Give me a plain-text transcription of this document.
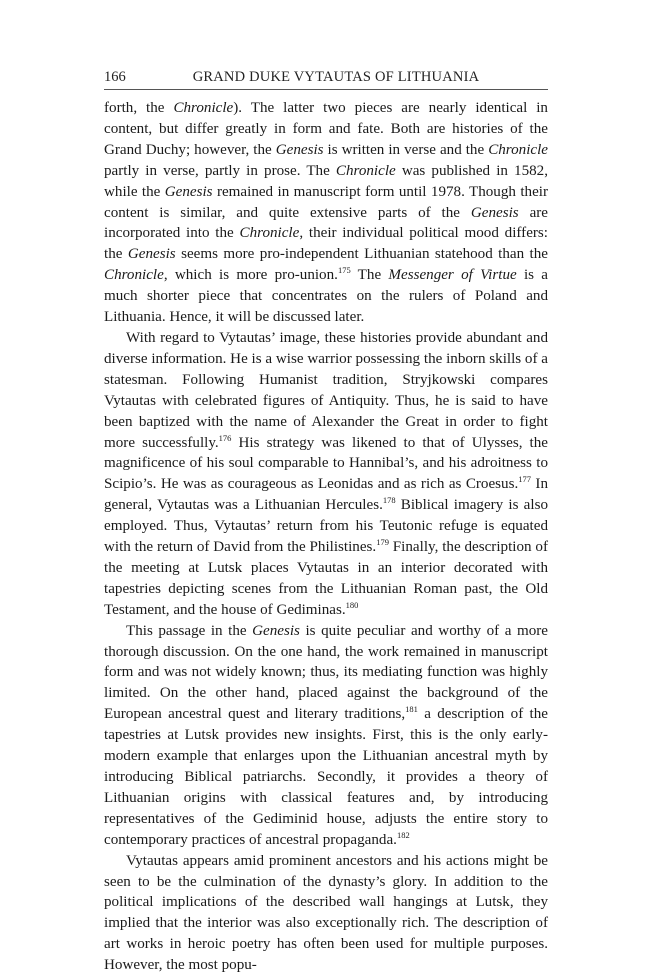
166	GRAND DUKE VYTAUTAS OF LITHUANIA

forth, the Chronicle). The latter two pieces are nearly identical in content, but differ greatly in form and fate. Both are histories of the Grand Duchy; however, the Genesis is written in verse and the Chronicle partly in verse, partly in prose. The Chronicle was published in 1582, while the Genesis remained in manuscript form until 1978. Though their content is similar, and quite extensive parts of the Genesis are incorporated into the Chronicle, their individual political mood differs: the Genesis seems more pro-independent Lithuanian statehood than the Chronicle, which is more pro-union.$^{175}$ The Messenger of Virtue is a much shorter piece that concentrates on the rulers of Poland and Lithuania. Hence, it will be discussed later.

With regard to Vytautas’ image, these histories provide abundant and diverse information. He is a wise warrior possessing the inborn skills of a statesman. Following Humanist tradition, Stryjkowski compares Vytautas with celebrated figures of Antiquity. Thus, he is said to have been baptized with the name of Alexander the Great in order to fight more successfully.$^{176}$ His strategy was likened to that of Ulysses, the magnificence of his soul comparable to Hannibal’s, and his adroitness to Scipio’s. He was as courageous as Leonidas and as rich as Croesus.$^{177}$ In general, Vytautas was a Lithuanian Hercules.$^{178}$ Biblical imagery is also employed. Thus, Vytautas’ return from his Teutonic refuge is equated with the return of David from the Philistines.$^{179}$ Finally, the description of the meeting at Lutsk places Vytautas in an interior decorated with tapestries depicting scenes from the Lithuanian Roman past, the Old Testament, and the house of Gediminas.$^{180}$

This passage in the Genesis is quite peculiar and worthy of a more thorough discussion. On the one hand, the work remained in manuscript form and was not widely known; thus, its mediating function was highly limited. On the other hand, placed against the background of the European ancestral quest and literary traditions,$^{181}$ a description of the tapestries at Lutsk provides new insights. First, this is the only early-modern example that enlarges upon the Lithuanian ancestral myth by introducing Biblical patriarchs. Secondly, it provides a theory of Lithuanian origins with classical features and, by introducing representatives of the Gediminid house, adjusts the entire story to contemporary practices of ancestral propaganda.$^{182}$

Vytautas appears amid prominent ancestors and his actions might be seen to be the culmination of the dynasty’s glory. In addition to the political implications of the described wall hangings at Lutsk, they implied that the interior was also exceptionally rich. The description of art works in heroic poetry has often been used for multiple purposes. However, the most popu-
